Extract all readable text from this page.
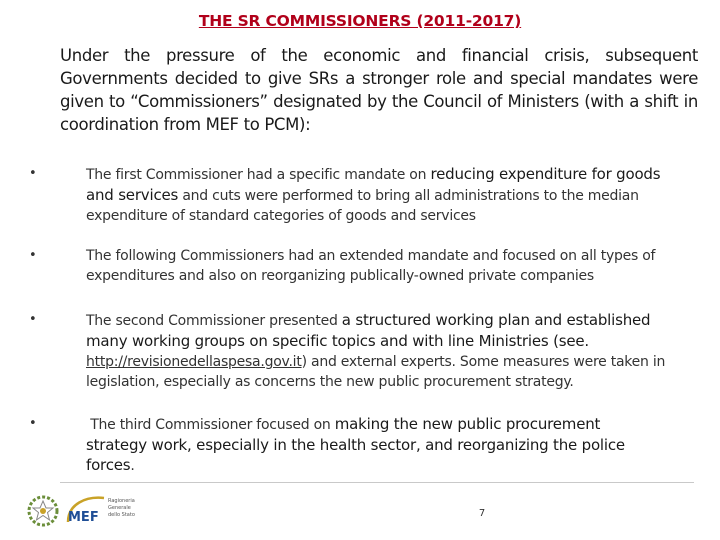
THE SR COMMISSIONERS (2011-2017)
Under the pressure of the economic and financial crisis, subsequent Governments decided to give SRs a stronger role and special mandates were given to “Commissioners” designated by the Council of Ministers (with a shift in coordination from MEF to PCM):
•	The first Commissioner had a specific mandate on reducing expenditure for goods
and services and cuts were performed to bring all administrations to the median
expenditure of standard categories of goods and services
•	The following Commissioners had an extended mandate and focused on all types of
expenditures and also on reorganizing publically-owned private companies
•	The second Commissioner presented a structured working plan and established
many working groups on specific topics and with line Ministries (see.
http://revisionedellaspesa.gov.it) and external experts. Some measures were taken in
legislation, especially as concerns the new public procurement strategy.
•	The third Commissioner focused on making the new public procurement
strategy work, especially in the health sector, and reorganizing the police
forces.
MEF
Ragioneria
Generale
dello Stato	7
